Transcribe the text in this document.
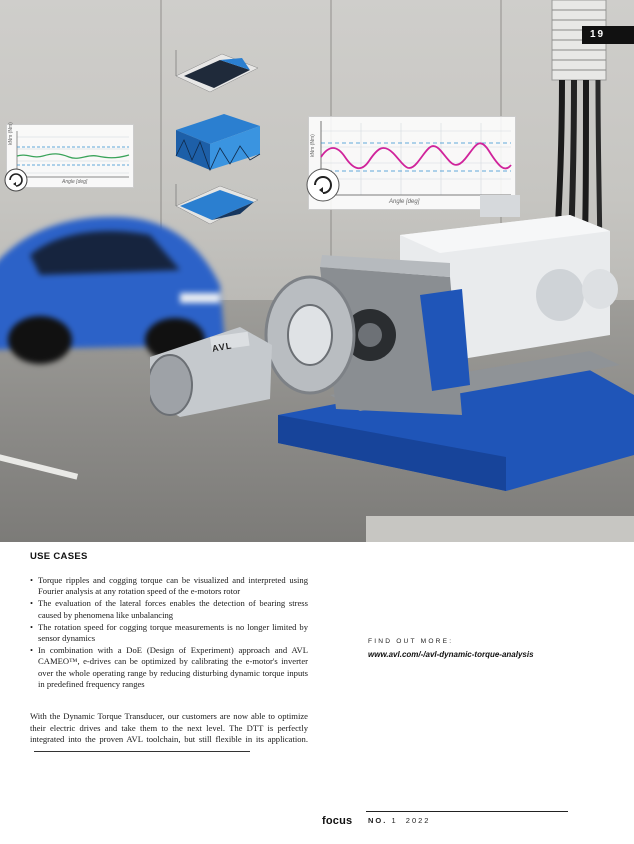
kNm (Nm)
Angle [deg]
kNm (Nm)
Angle [deg]
AVL
19
USE CASES
• Torque ripples and cogging torque can be visualized and interpreted using Fourier analysis at any rotation speed of the e-motors rotor
• The evaluation of the lateral forces enables the detection of bearing stress caused by phenomena like unbalancing
• The rotation speed for cogging torque measurements is no longer limited by sensor dynamics
• In combination with a DoE (Design of Experiment) approach and AVL CAMEO™, e-drives can be optimized by calibrating the e-motor's inverter over the whole operating range by reducing disturbing dynamic torque inputs in predefined frequency ranges

With the Dynamic Torque Transducer, our customers are now able to optimize their electric drives and take them to the next level. The DTT is perfectly integrated into the proven AVL toolchain, but still flexible in its application.

FIND OUT MORE:
www.avl.com/-/avl-dynamic-torque-analysis
focus NO. 1 2022
